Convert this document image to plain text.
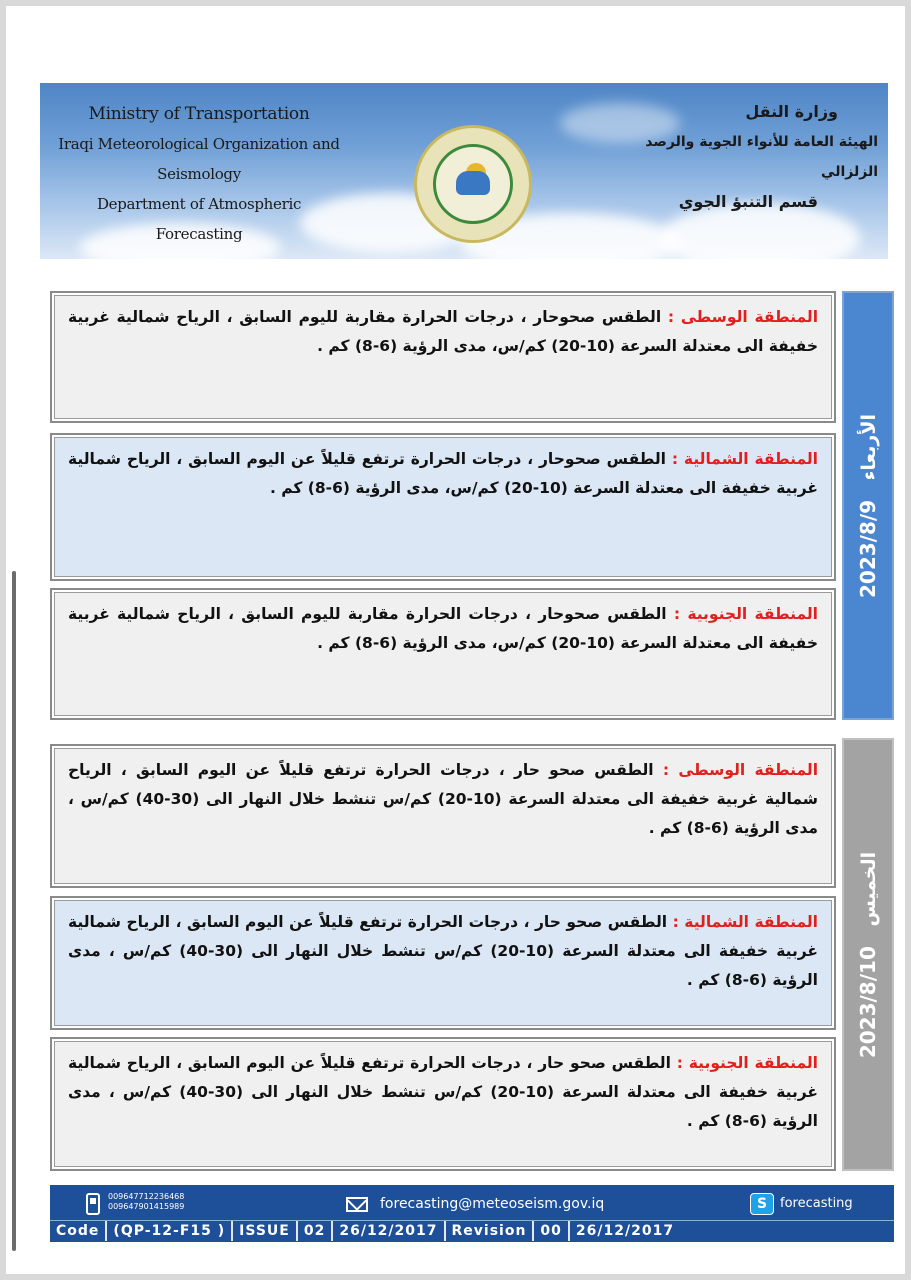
Ministry of Transportation
Iraqi Meteorological Organization and Seismology
Department of Atmospheric Forecasting
وزارة النقل
الهيئة العامة للأنواء الجوية والرصد الزلزالي
قسم التنبؤ الجوي
المنطقة الوسطى : الطقس صحوحار ، درجات الحرارة مقاربة لليوم السابق ، الرياح شمالية غربية خفيفة الى معتدلة السرعة (10-20) كم/س، مدى الرؤية (6-8) كم .
المنطقة الشمالية : الطقس صحوحار ، درجات الحرارة ترتفع قليلاً عن اليوم السابق ، الرياح شمالية غربية خفيفة الى معتدلة السرعة (10-20) كم/س، مدى الرؤية (6-8) كم .
المنطقة الجنوبية : الطقس صحوحار ، درجات الحرارة مقاربة لليوم السابق ، الرياح شمالية غربية خفيفة الى معتدلة السرعة (10-20) كم/س، مدى الرؤية (6-8) كم .
2023/8/9 الأربعاء
المنطقة الوسطى : الطقس صحو حار ، درجات الحرارة ترتفع قليلاً عن اليوم السابق ، الرياح شمالية غربية خفيفة الى معتدلة السرعة (10-20) كم/س تنشط خلال النهار الى (30-40) كم/س ، مدى الرؤية (6-8) كم .
المنطقة الشمالية : الطقس صحو حار ، درجات الحرارة ترتفع قليلاً عن اليوم السابق ، الرياح شمالية غربية خفيفة الى معتدلة السرعة (10-20) كم/س تنشط خلال النهار الى (30-40) كم/س ، مدى الرؤية (6-8) كم .
المنطقة الجنوبية : الطقس صحو حار ، درجات الحرارة ترتفع قليلاً عن اليوم السابق ، الرياح شمالية غربية خفيفة الى معتدلة السرعة (10-20) كم/س تنشط خلال النهار الى (30-40) كم/س ، مدى الرؤية (6-8) كم .
2023/8/10 الخميس
009647712236468
009647901415989	forecasting@meteoseism.gov.iq	S forecasting
Code	(QP-12-F15 )	ISSUE	02	26/12/2017	Revision	00	26/12/2017
